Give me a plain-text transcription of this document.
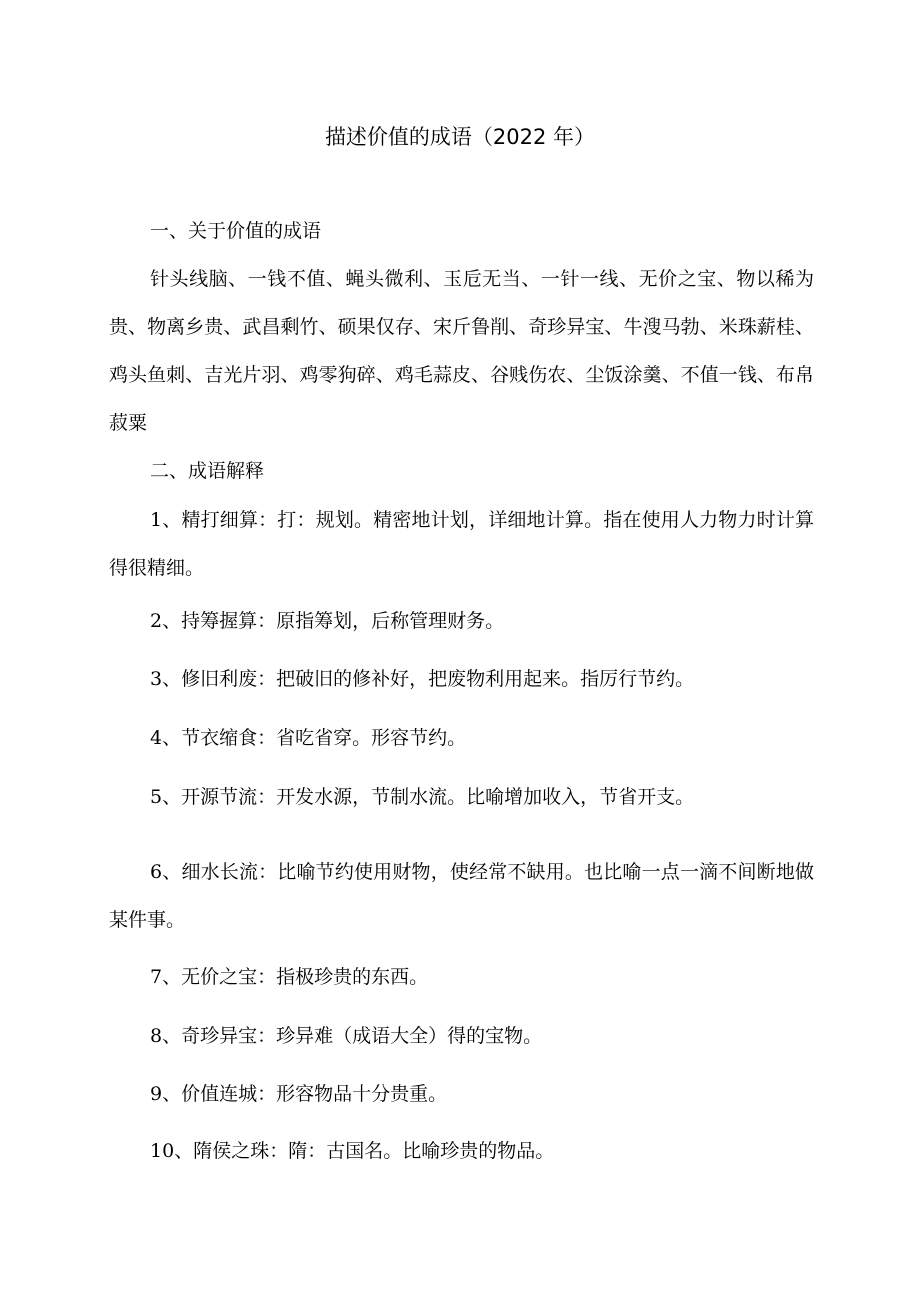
描述价值的成语（2022 年）
一、关于价值的成语

针头线脑、一钱不值、蝇头微利、玉卮无当、一针一线、无价之宝、物以稀为贵、物离乡贵、武昌剩竹、硕果仅存、宋斤鲁削、奇珍异宝、牛溲马勃、米珠薪桂、鸡头鱼刺、吉光片羽、鸡零狗碎、鸡毛蒜皮、谷贱伤农、尘饭涂羹、不值一钱、布帛菽粟

二、成语解释

1、精打细算：打：规划。精密地计划，详细地计算。指在使用人力物力时计算得很精细。

2、持筹握算：原指筹划，后称管理财务。
3、修旧利废：把破旧的修补好，把废物利用起来。指厉行节约。
4、节衣缩食：省吃省穿。形容节约。
5、开源节流：开发水源，节制水流。比喻增加收入，节省开支。

6、细水长流：比喻节约使用财物，使经常不缺用。也比喻一点一滴不间断地做某件事。

7、无价之宝：指极珍贵的东西。
8、奇珍异宝：珍异难（成语大全）得的宝物。
9、价值连城：形容物品十分贵重。
10、隋侯之珠：隋：古国名。比喻珍贵的物品。
